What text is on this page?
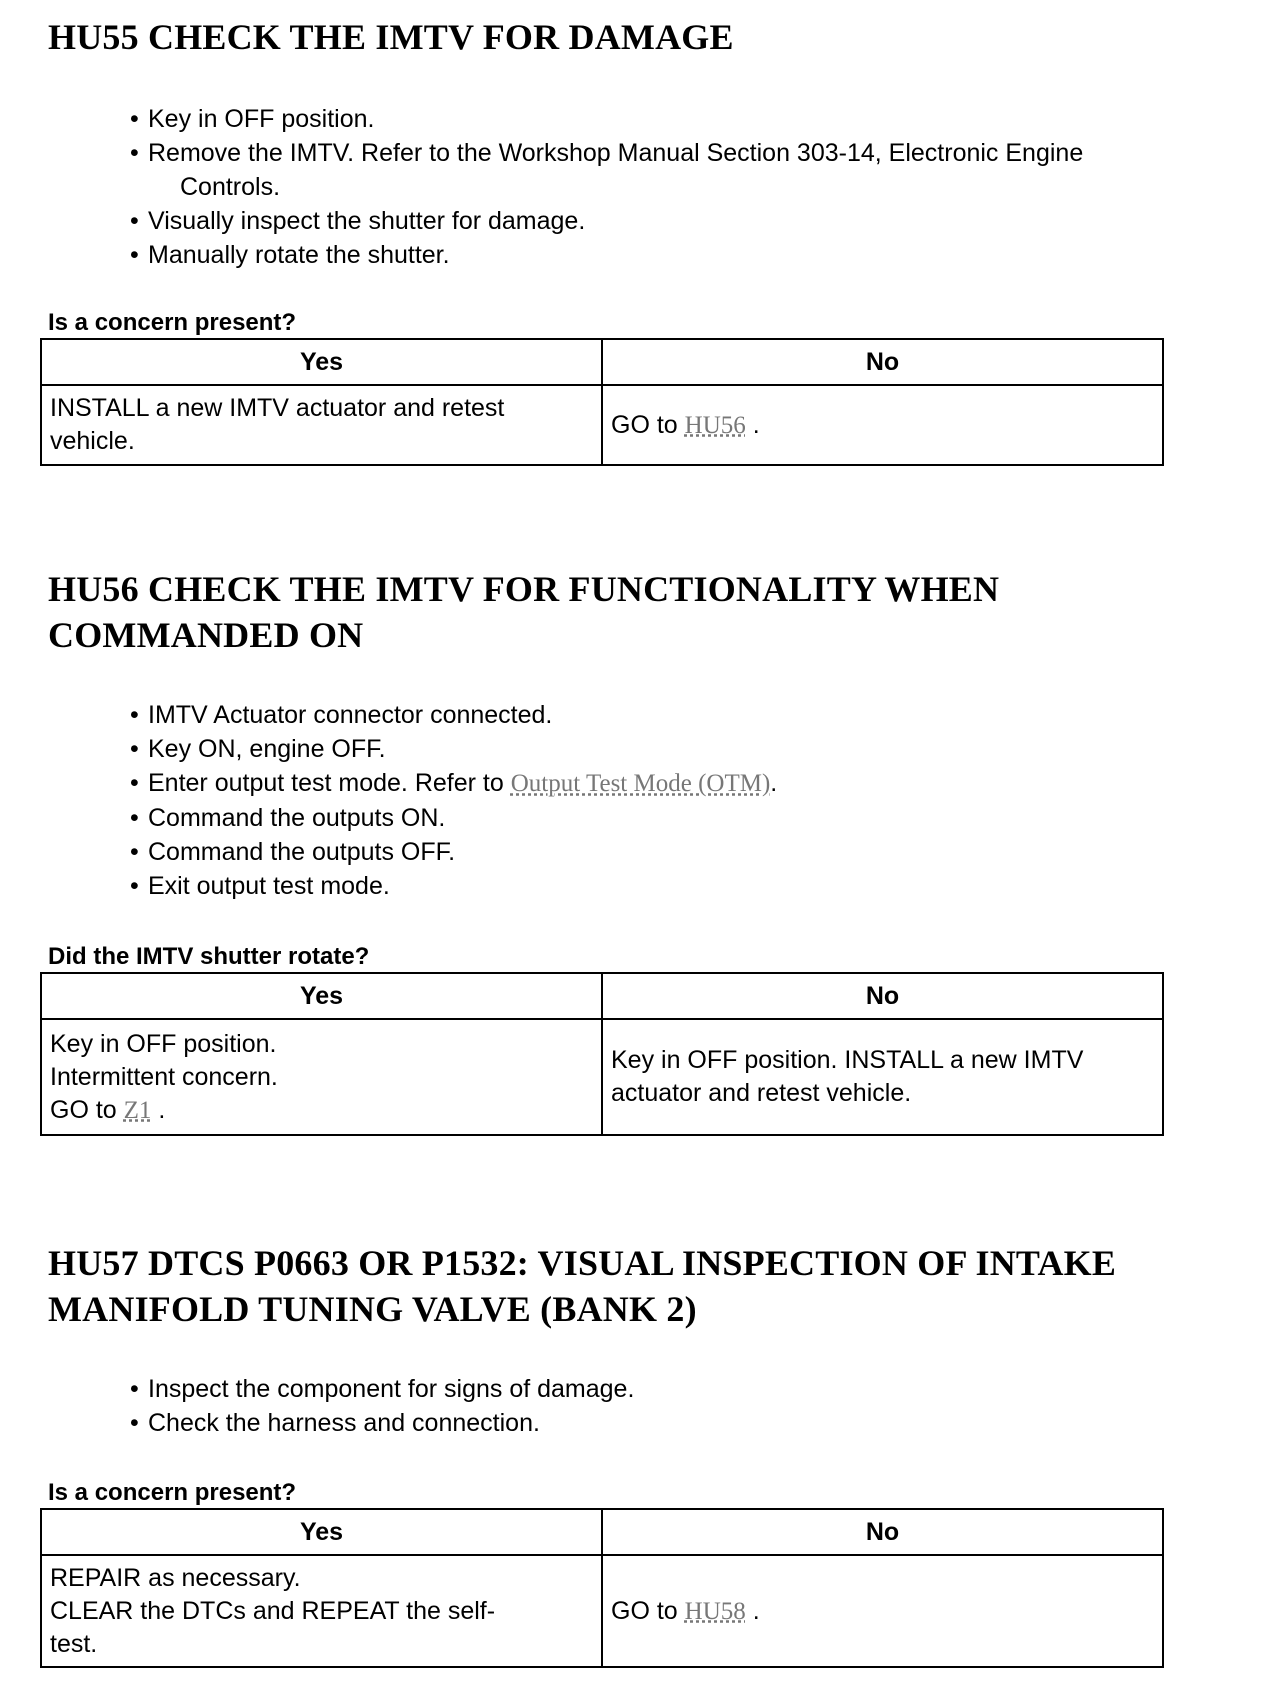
HU55 CHECK THE IMTV FOR DAMAGE
• Key in OFF position.
• Remove the IMTV. Refer to the Workshop Manual Section 303-14, Electronic Engine
Controls.
• Visually inspect the shutter for damage.
• Manually rotate the shutter.
Is a concern present?
Yes	No

INSTALL a new IMTV actuator and retest
vehicle.	GO to HU56 .
HU56 CHECK THE IMTV FOR FUNCTIONALITY WHEN
COMMANDED ON
• IMTV Actuator connector connected.
• Key ON, engine OFF.
• Enter output test mode. Refer to Output Test Mode (OTM).
• Command the outputs ON.
• Command the outputs OFF.
• Exit output test mode.
Did the IMTV shutter rotate?
Yes	No

Key in OFF position.
Intermittent concern.
GO to Z1 .	Key in OFF position. INSTALL a new IMTV
actuator and retest vehicle.
HU57 DTCS P0663 OR P1532: VISUAL INSPECTION OF INTAKE
MANIFOLD TUNING VALVE (BANK 2)
• Inspect the component for signs of damage.
• Check the harness and connection.
Is a concern present?
Yes	No

REPAIR as necessary.
CLEAR the DTCs and REPEAT the self-
test.	GO to HU58 .
